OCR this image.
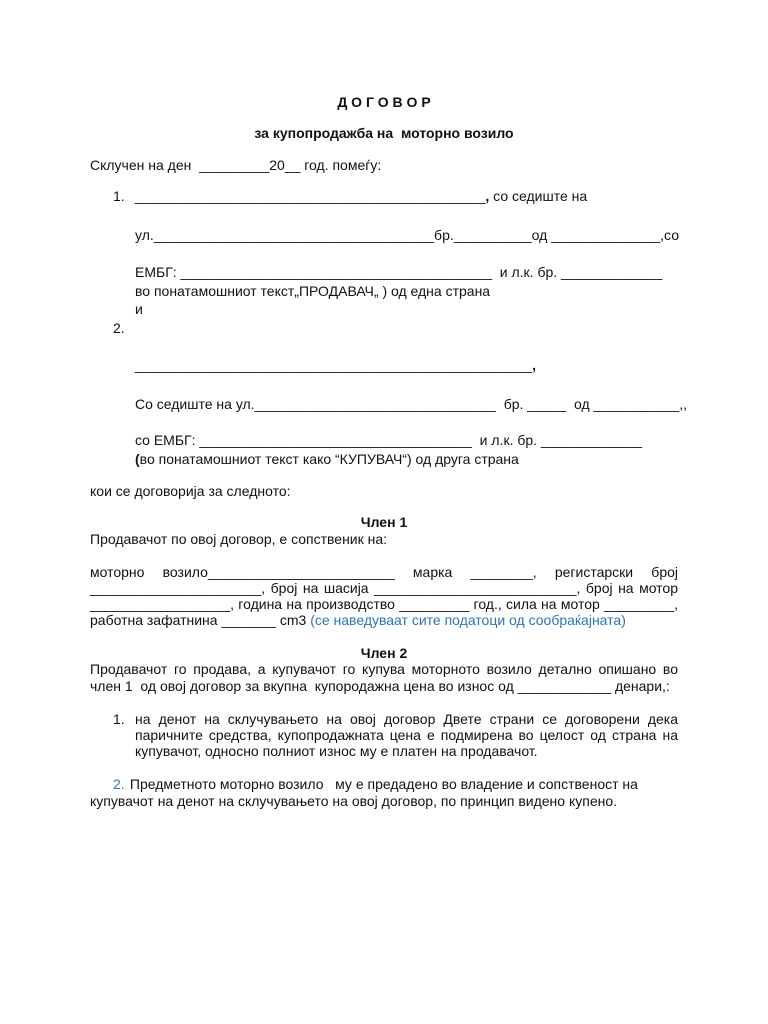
Д О Г О В О Р
за купопродажба на  моторно возило
Склучен на ден  _________20__ год. помеѓу:
1. _____________________________________________, со седиште на
ул.____________________________________бр.__________од ______________,со
ЕМБГ: ________________________________________  и л.к. бр. _____________
во понатамошниот текст„ПРОДАВАЧ„ ) од една страна
и
2.
___________________________________________________,
Со седиште на ул._______________________________  бр. _____  од ___________,,
со ЕМБГ: ___________________________________  и л.к. бр. _____________
(во понатамошниот текст како “КУПУВАЧ“) од друга страна
кои се договорија за следното:
Член 1
Продавачот по овој договор, е сопственик на:
моторно возило________________________ марка ________, регистарски број
______________________, број на шасија __________________________, број на мотор
__________________, година на производство _________ год., сила на мотор _________,
работна зафатнина _______ cm3 (се наведуваат сите податоци од сообраќајната)
Член 2
Продавачот го продава, а купувачот го купува моторното возило детално опишано во
член 1  од овој договор за вкупна  купородажна цена во износ од ____________ денари,:
1. на денот на склучувањето на овој договор Двете страни се договорени дека
паричните средства, купопродажната цена е подмирена во целост од страна на
купувачот, односно полниот износ му е платен на продавачот.
2. Предметното моторно возило   му е предадено во владение и сопственост на
купувачот на денот на склучувањето на овој договор, по принцип видено купено.
